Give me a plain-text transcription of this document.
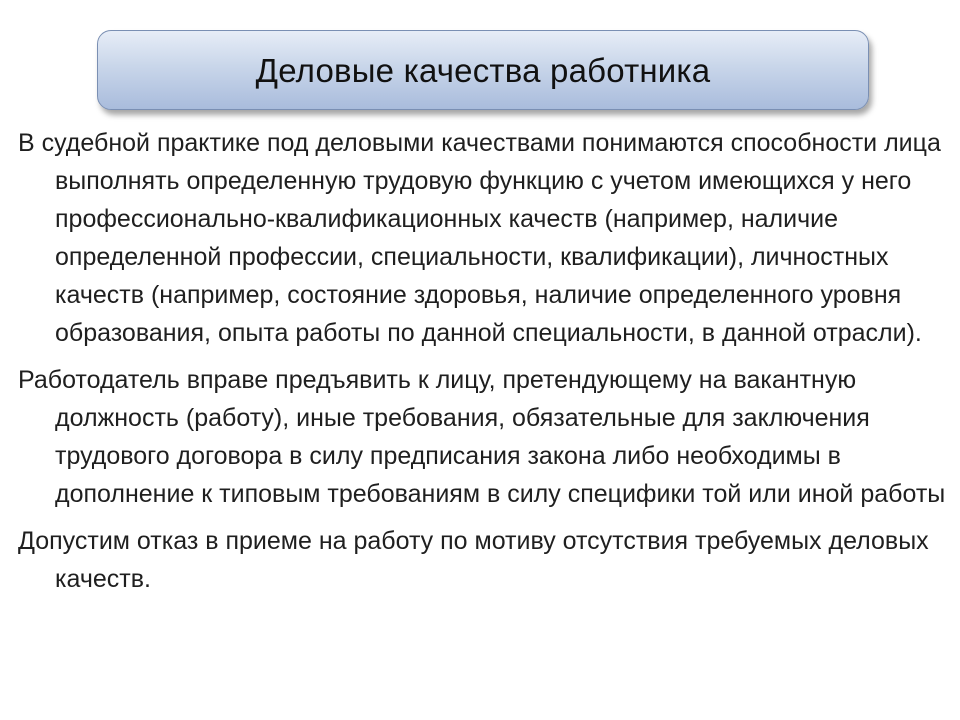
Деловые качества работника

В судебной практике под деловыми качествами понимаются способности лица выполнять определенную трудовую функцию с учетом имеющихся у него профессионально-квалификационных качеств (например, наличие определенной профессии, специальности, квалификации), личностных качеств (например, состояние здоровья, наличие определенного уровня образования, опыта работы по данной специальности, в данной отрасли).

Работодатель вправе предъявить к лицу, претендующему на вакантную должность (работу), иные требования, обязательные для заключения трудового договора в силу предписания закона либо необходимы в дополнение к типовым требованиям в силу специфики той или иной работы

Допустим отказ в приеме на работу по мотиву отсутствия требуемых деловых качеств.
